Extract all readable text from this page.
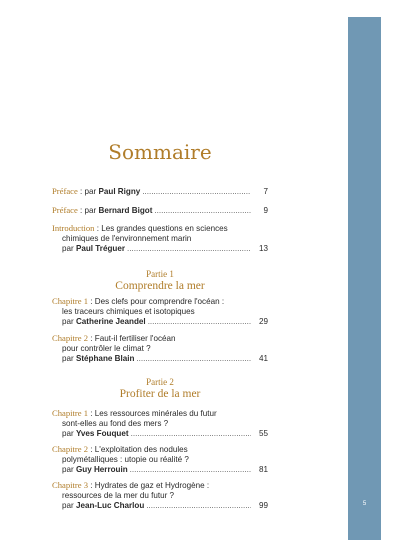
5
Sommaire
Préface : par Paul Rigny .....	7
Préface : par Bernard Bigot .....	9
Introduction : Les grandes questions en sciences
chimiques de l'environnement marin
par Paul Tréguer .....	13
Partie 1
Comprendre la mer
Chapitre 1 : Des clefs pour comprendre l'océan :
les traceurs chimiques et isotopiques
par Catherine Jeandel .....	29
Chapitre 2 : Faut-il fertiliser l'océan
pour contrôler le climat ?
par Stéphane Blain .....	41
Partie 2
Profiter de la mer
Chapitre 1 : Les ressources minérales du futur
sont-elles au fond des mers ?
par Yves Fouquet .....	55
Chapitre 2 : L'exploitation des nodules
polymétalliques : utopie ou réalité ?
par Guy Herrouin .....	81
Chapitre 3 : Hydrates de gaz et Hydrogène :
ressources de la mer du futur ?
par Jean-Luc Charlou .....	99
